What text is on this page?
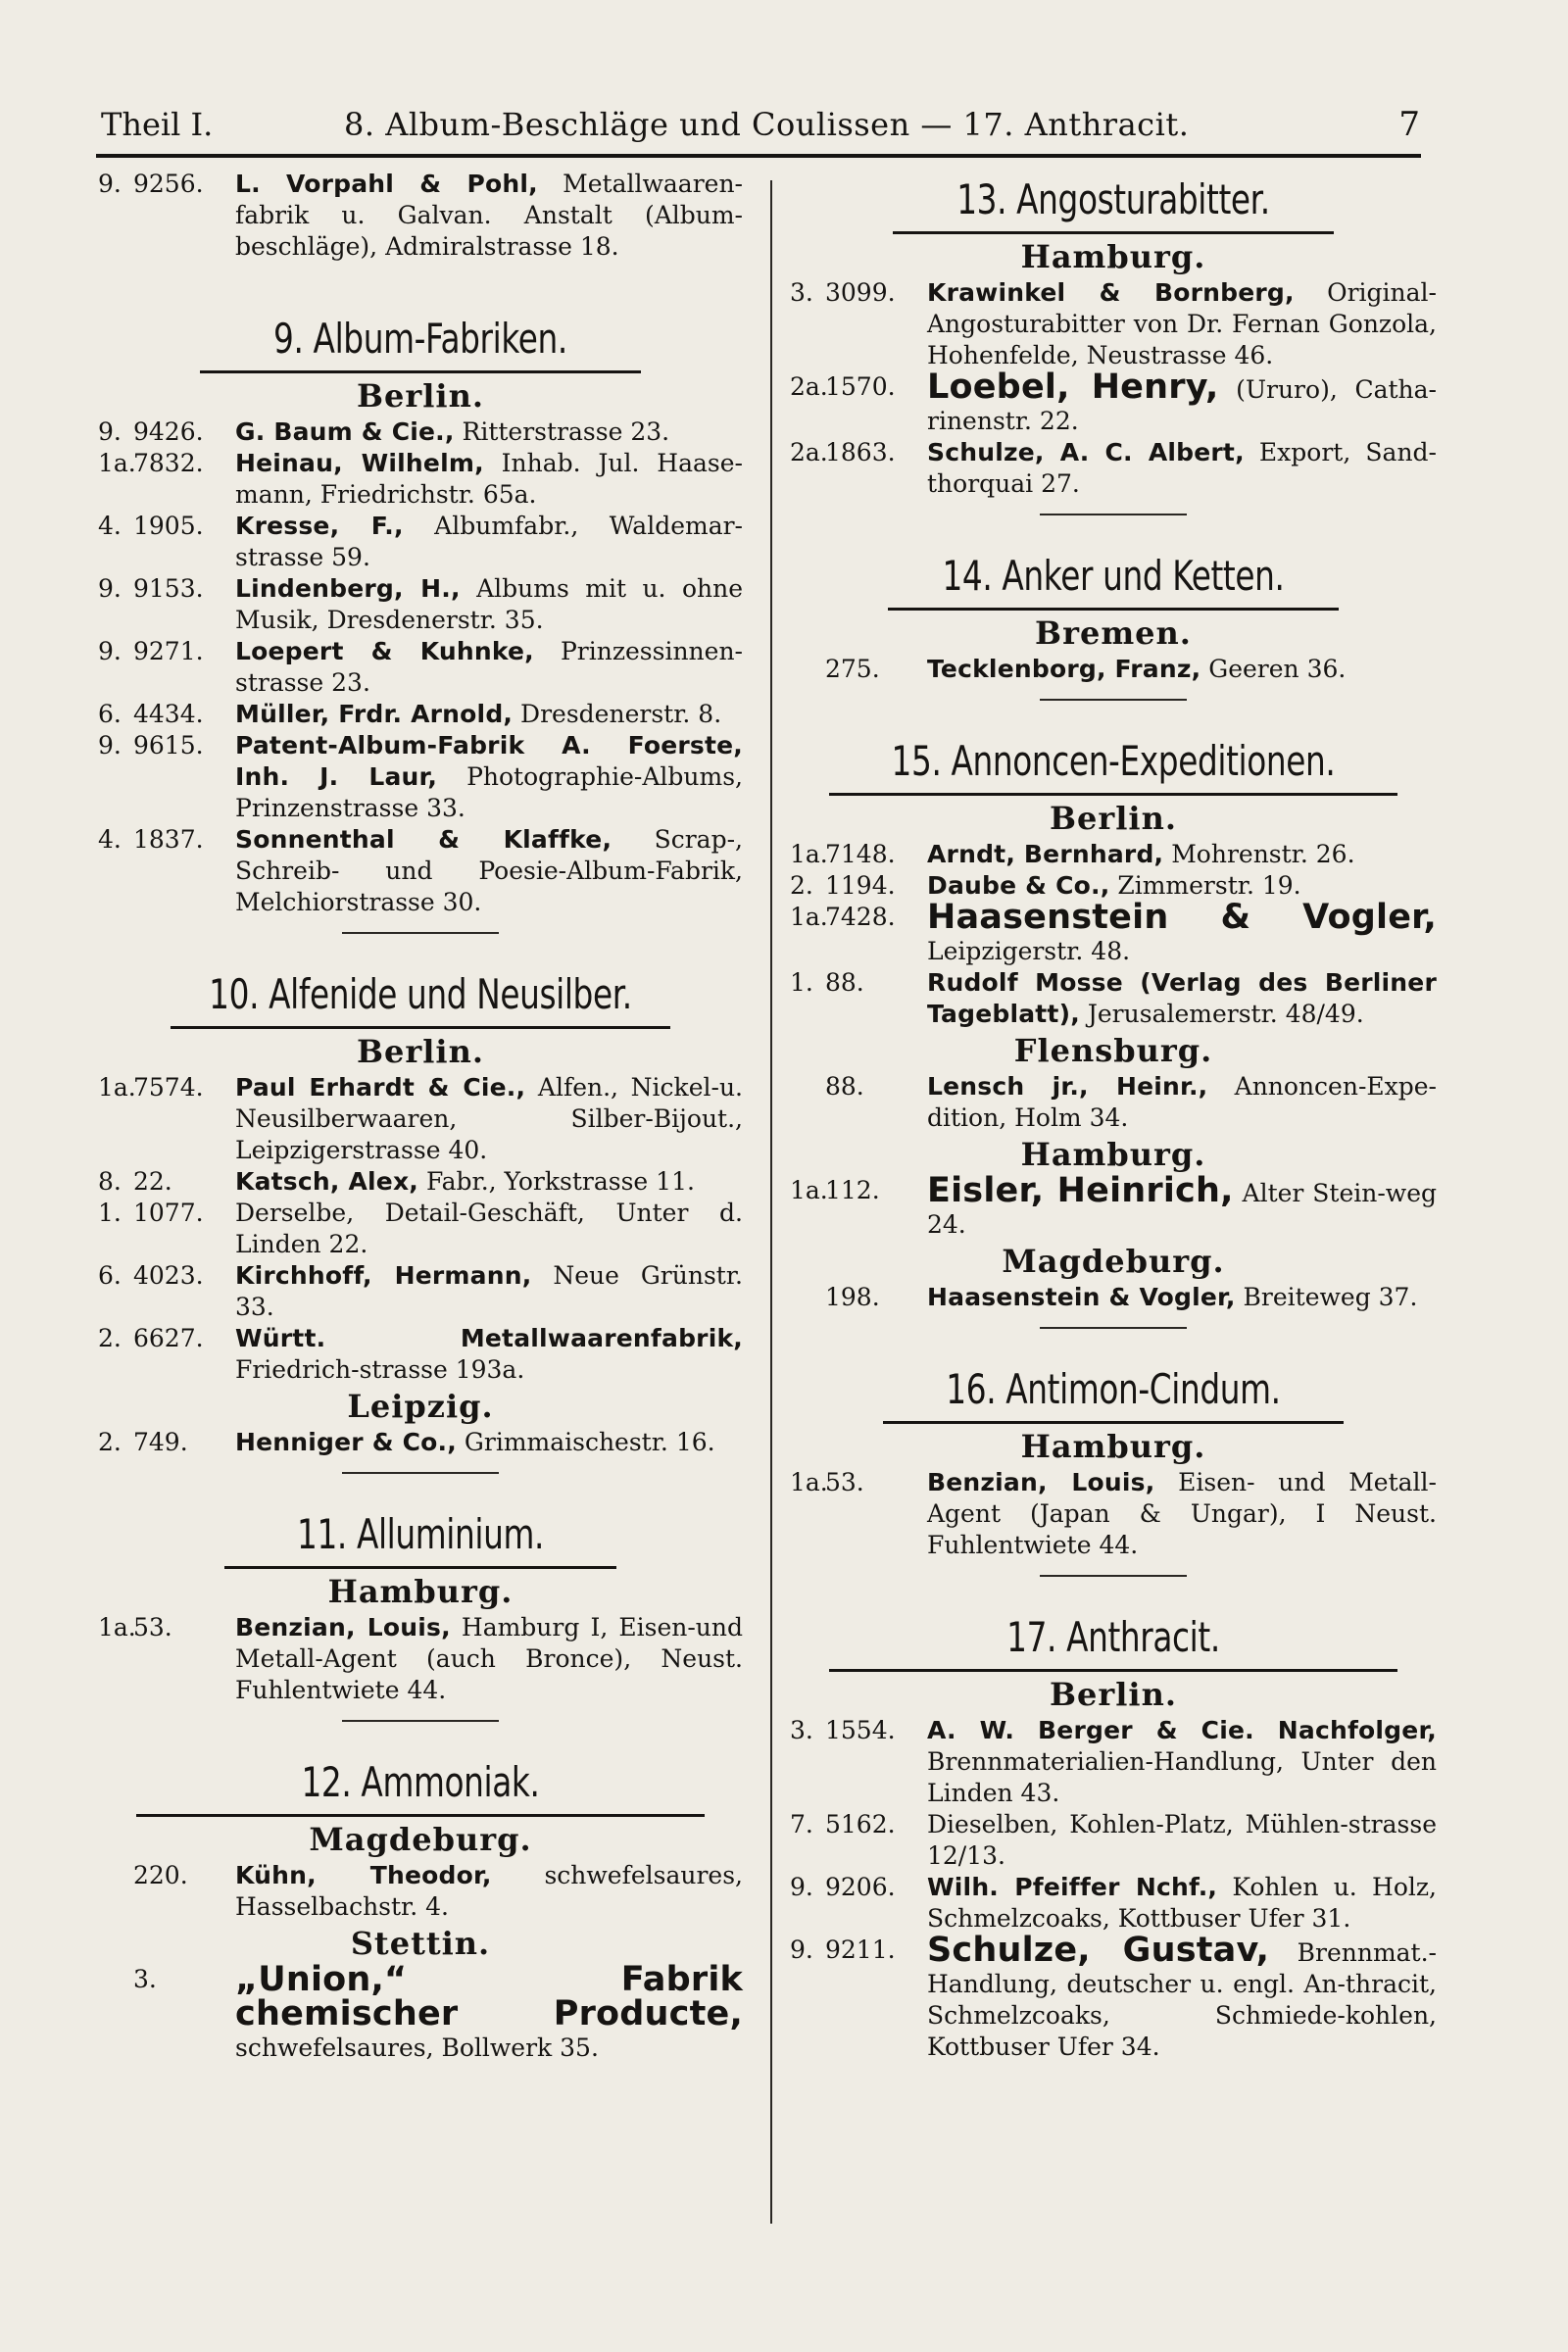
Theil I.	8. Album-Beschläge und Coulissen — 17. Anthracit.	7

9. 9256.	L. Vorpahl & Pohl, Metallwaaren-fabrik u. Galvan. Anstalt (Album-beschläge), Admiralstrasse 18.

9. Album-Fabriken.
Berlin.

9. 9426.	G. Baum & Cie., Ritterstrasse 23.

1a.7832.	Heinau, Wilhelm, Inhab. Jul. Haase-mann, Friedrichstr. 65a.

4. 1905.	Kresse, F., Albumfabr., Waldemar-strasse 59.

9. 9153.	Lindenberg, H., Albums mit u. ohne Musik, Dresdenerstr. 35.

9. 9271.	Loepert & Kuhnke, Prinzessinnen-strasse 23.

6. 4434.	Müller, Frdr. Arnold, Dresdenerstr. 8.

9. 9615.	Patent-Album-Fabrik A. Foerste, Inh. J. Laur, Photographie-Albums, Prinzenstrasse 33.

4. 1837.	Sonnenthal & Klaffke, Scrap-, Schreib- und Poesie-Album-Fabrik, Melchiorstrasse 30.

10. Alfenide und Neusilber.
Berlin.

1a.7574.	Paul Erhardt & Cie., Alfen., Nickel-u. Neusilberwaaren, Silber-Bijout., Leipzigerstrasse 40.

8. 22.	Katsch, Alex, Fabr., Yorkstrasse 11.

1. 1077.	Derselbe, Detail-Geschäft, Unter d. Linden 22.

6. 4023.	Kirchhoff, Hermann, Neue Grünstr. 33.

2. 6627.	Württ. Metallwaarenfabrik, Friedrich-strasse 193a.

Leipzig.

2. 749.	Henniger & Co., Grimmaischestr. 16.

11. Alluminium.
Hamburg.

1a.53.	Benzian, Louis, Hamburg I, Eisen-und Metall-Agent (auch Bronce), Neust. Fuhlentwiete 44.

12. Ammoniak.
Magdeburg.

220.	Kühn, Theodor, schwefelsaures, Hasselbachstr. 4.

Stettin.

3.	„Union,“ Fabrik chemischer Producte, schwefelsaures, Bollwerk 35.

13. Angosturabitter.
Hamburg.

3. 3099.	Krawinkel & Bornberg, Original-Angosturabitter von Dr. Fernan Gonzola, Hohenfelde, Neustrasse 46.

2a.1570. Loebel, Henry, (Ururo), Catha-rinenstr. 22.

2a.1863.	Schulze, A. C. Albert, Export, Sand-thorquai 27.

14. Anker und Ketten.
Bremen.

275.	Tecklenborg, Franz, Geeren 36.

15. Annoncen-Expeditionen.
Berlin.

1a.7148.	Arndt, Bernhard, Mohrenstr. 26.

2. 1194.	Daube & Co., Zimmerstr. 19.

1a.7428. Haasenstein & Vogler, Leipzigerstr. 48.

1. 88.	Rudolf Mosse (Verlag des Berliner Tageblatt), Jerusalemerstr. 48/49.

Flensburg.

88.	Lensch jr., Heinr., Annoncen-Expe-dition, Holm 34.

Hamburg.

1a.112.	Eisler, Heinrich, Alter Stein-weg 24.

Magdeburg.

198.	Haasenstein & Vogler, Breiteweg 37.

16. Antimon-Cindum.
Hamburg.

1a.53.	Benzian, Louis, Eisen- und Metall-Agent (Japan & Ungar), I Neust. Fuhlentwiete 44.

17. Anthracit.
Berlin.

3. 1554.	A. W. Berger & Cie. Nachfolger, Brennmaterialien-Handlung, Unter den Linden 43.

7. 5162.	Dieselben, Kohlen-Platz, Mühlen-strasse 12/13.

9. 9206.	Wilh. Pfeiffer Nchf., Kohlen u. Holz, Schmelzcoaks, Kottbuser Ufer 31.

9. 9211. Schulze, Gustav, Brennmat.-Handlung, deutscher u. engl. An-thracit, Schmelzcoaks, Schmiede-kohlen, Kottbuser Ufer 34.
